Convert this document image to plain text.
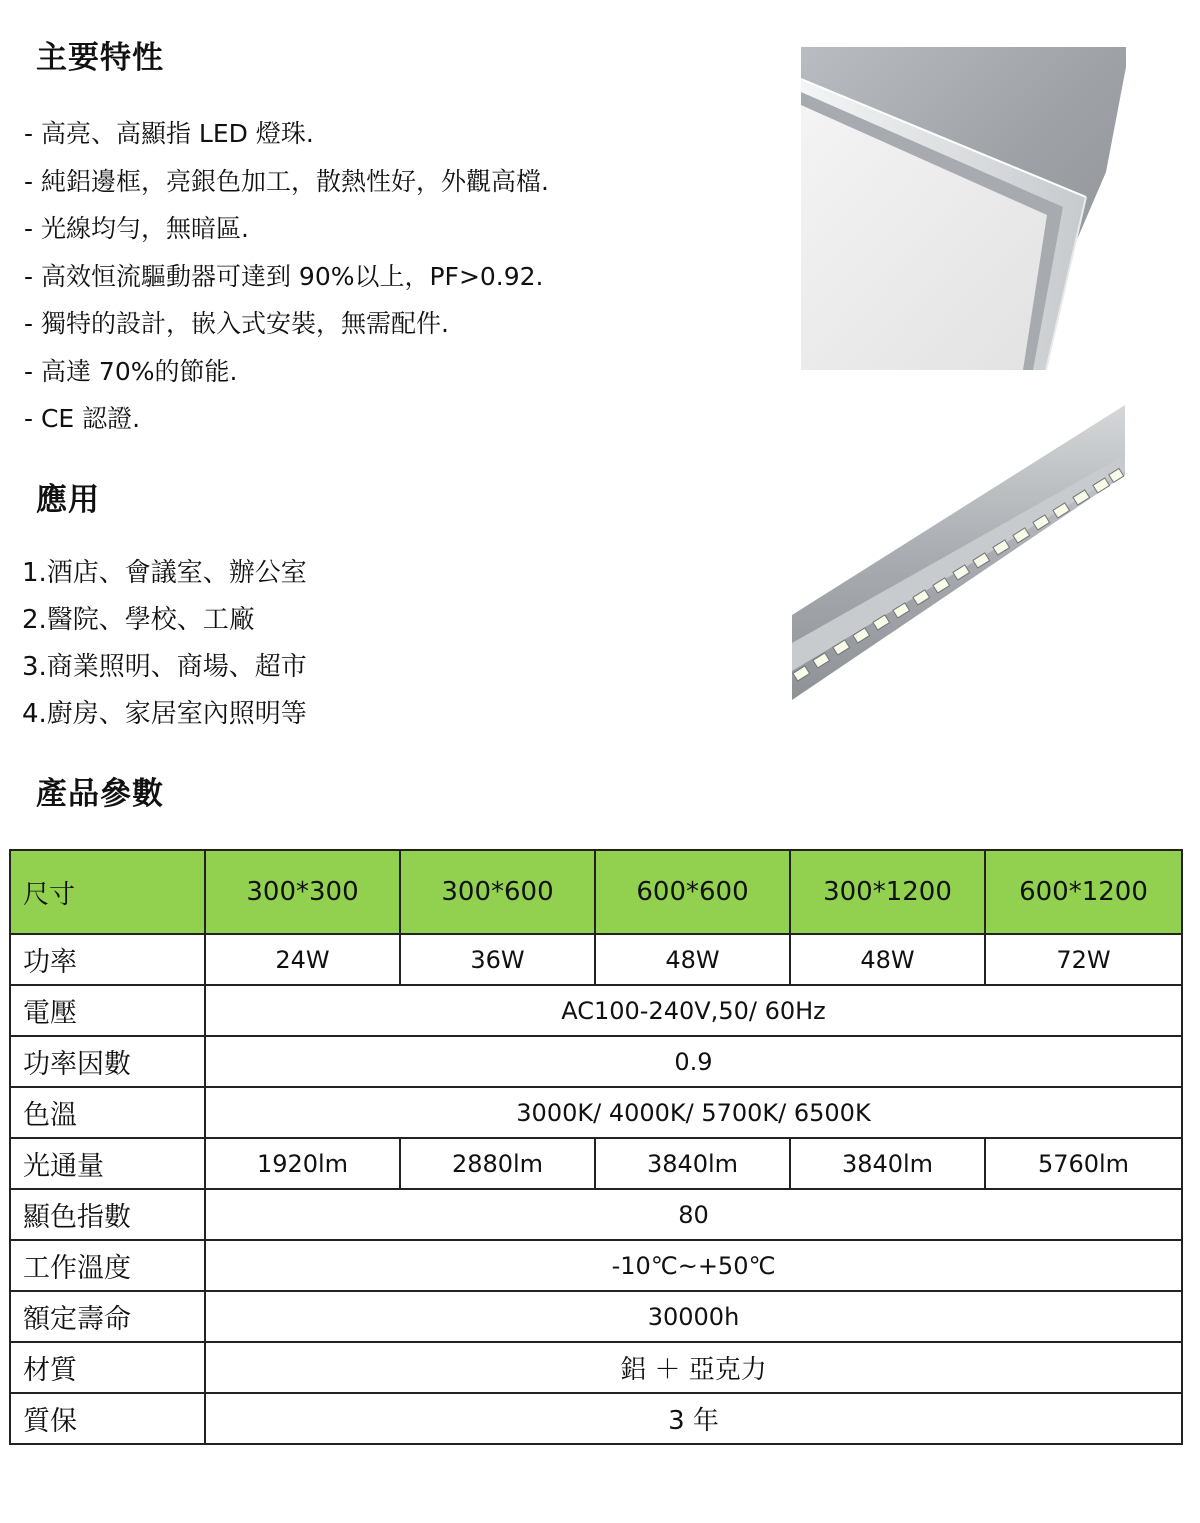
主要特性
- 高亮、高顯指 LED 燈珠.
- 純鋁邊框，亮銀色加工，散熱性好，外觀高檔.
- 光線均勻，無暗區.
- 高效恒流驅動器可達到 90%以上，PF>0.92.
- 獨特的設計，嵌入式安裝，無需配件.
- 高達 70%的節能.
- CE 認證.
應用
1.酒店、會議室、辦公室
2.醫院、學校、工廠
3.商業照明、商場、超市
4.廚房、家居室內照明等
產品參數
尺寸	300*300	300*600	600*600	300*1200	600*1200
功率	24W	36W	48W	48W	72W
電壓	AC100-240V,50/ 60Hz				
功率因數	0.9				
色溫	3000K/ 4000K/ 5700K/ 6500K				
光通量	1920lm	2880lm	3840lm	3840lm	5760lm
顯色指數	80				
工作溫度	-10℃~+50℃				
額定壽命	30000h				
材質	鋁 ＋ 亞克力				
質保	3 年				
